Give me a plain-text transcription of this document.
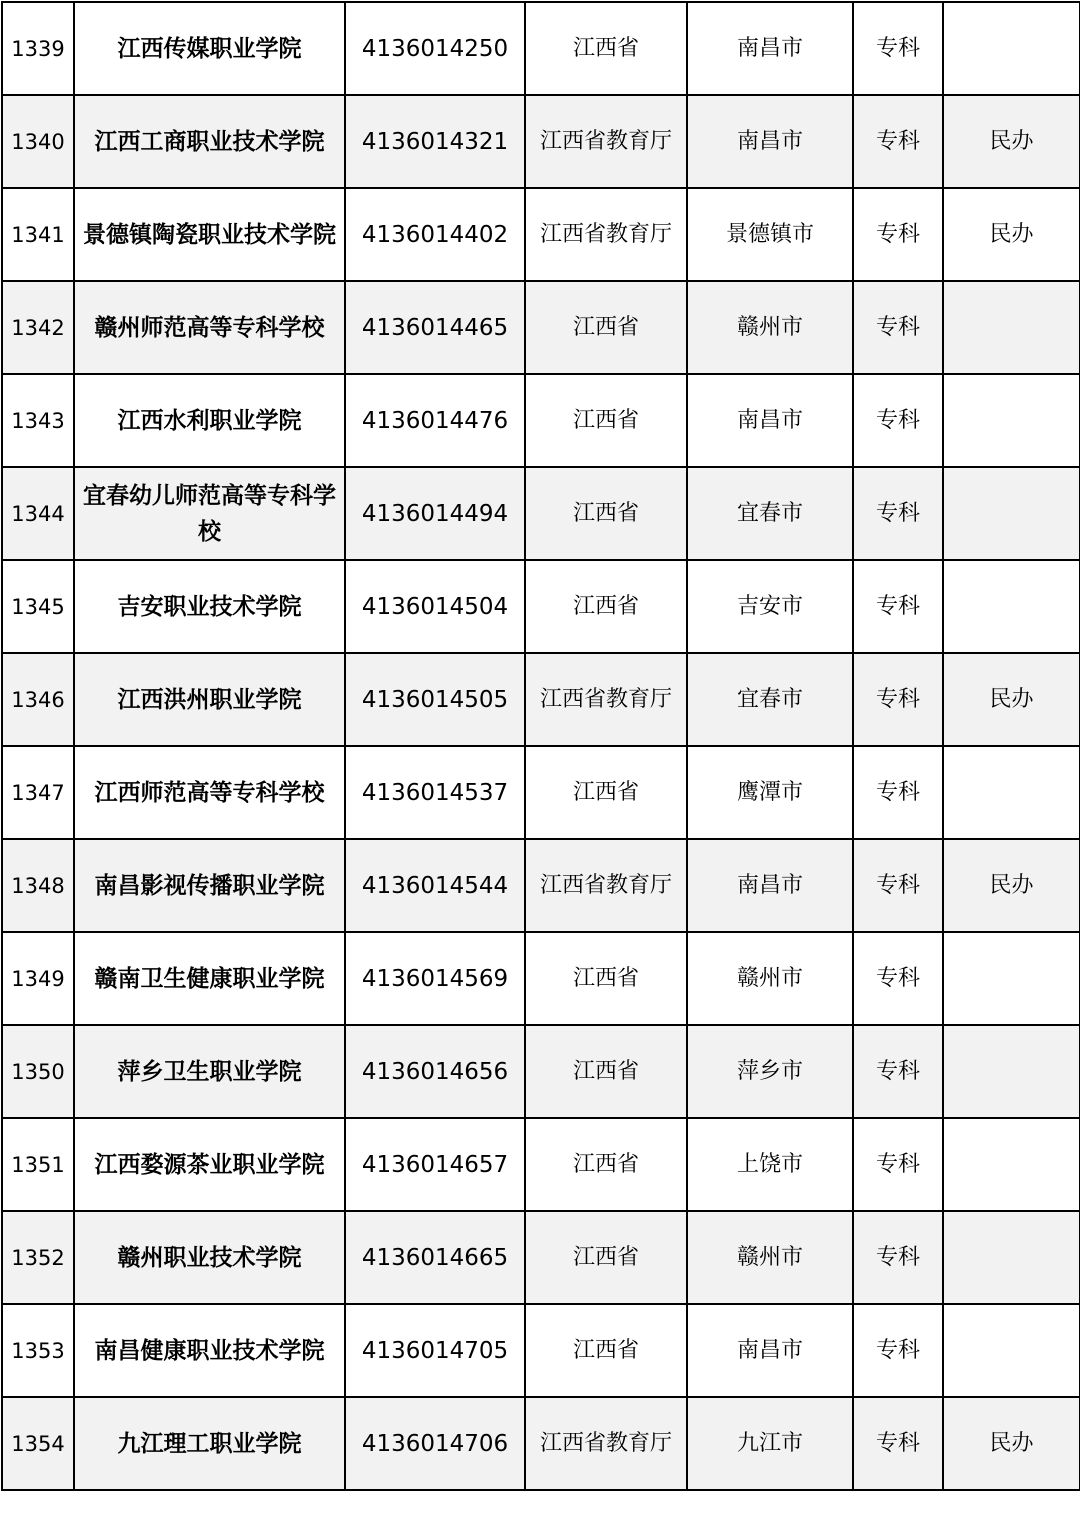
1339	江西传媒职业学院	4136014250	江西省	南昌市	专科	
1340	江西工商职业技术学院	4136014321	江西省教育厅	南昌市	专科	民办
1341	景德镇陶瓷职业技术学院	4136014402	江西省教育厅	景德镇市	专科	民办
1342	赣州师范高等专科学校	4136014465	江西省	赣州市	专科	
1343	江西水利职业学院	4136014476	江西省	南昌市	专科	
1344	宜春幼儿师范高等专科学校	4136014494	江西省	宜春市	专科	
1345	吉安职业技术学院	4136014504	江西省	吉安市	专科	
1346	江西洪州职业学院	4136014505	江西省教育厅	宜春市	专科	民办
1347	江西师范高等专科学校	4136014537	江西省	鹰潭市	专科	
1348	南昌影视传播职业学院	4136014544	江西省教育厅	南昌市	专科	民办
1349	赣南卫生健康职业学院	4136014569	江西省	赣州市	专科	
1350	萍乡卫生职业学院	4136014656	江西省	萍乡市	专科	
1351	江西婺源茶业职业学院	4136014657	江西省	上饶市	专科	
1352	赣州职业技术学院	4136014665	江西省	赣州市	专科	
1353	南昌健康职业技术学院	4136014705	江西省	南昌市	专科	
1354	九江理工职业学院	4136014706	江西省教育厅	九江市	专科	民办
